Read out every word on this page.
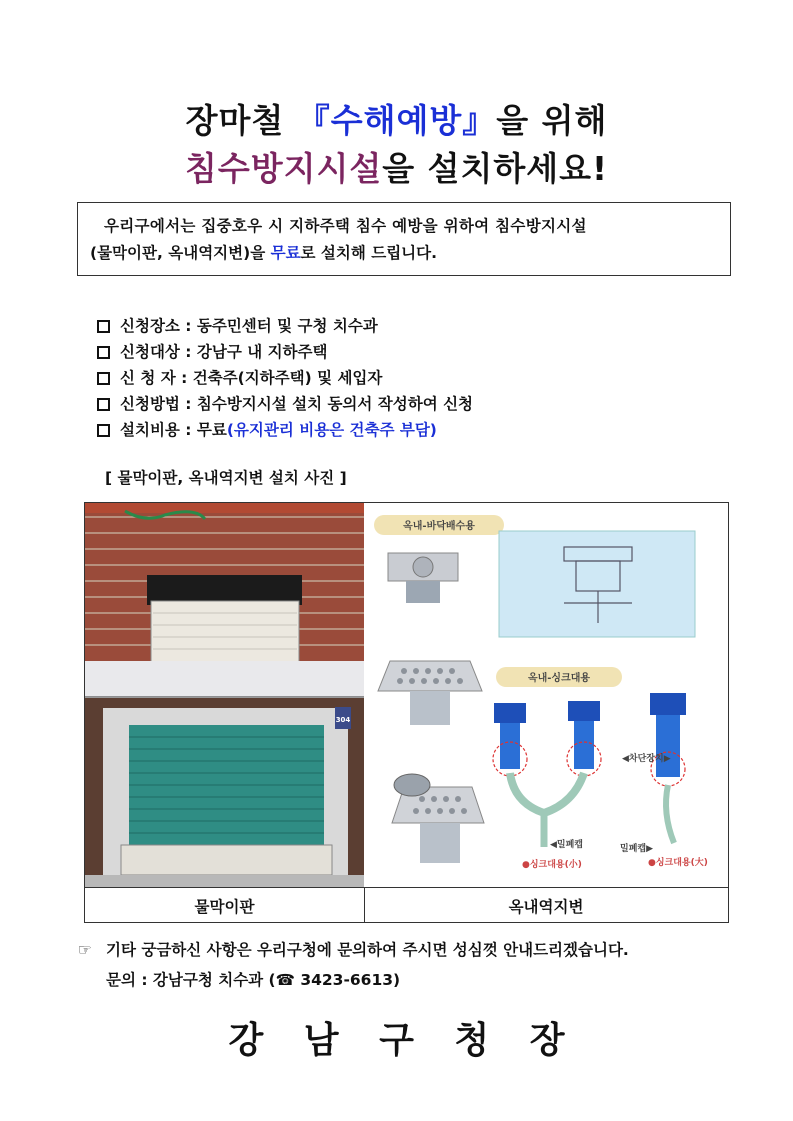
장마철 『수해예방』을 위해
침수방지시설을 설치하세요!
우리구에서는 집중호우 시 지하주택 침수 예방을 위하여 침수방지시설
(물막이판, 옥내역지변)을 무료로 설치해 드립니다.
신청장소 : 동주민센터 및 구청 치수과
신청대상 : 강남구 내 지하주택
신 청 자 : 건축주(지하주택) 및 세입자
신청방법 : 침수방지시설 설치 동의서 작성하여 신청
설치비용 : 무료 (유지관리 비용은 건축주 부담)
[ 물막이판, 옥내역지변 설치 사진 ]
304
옥내-바닥배수용
옥내-싱크대용
◀차단장치▶
◀밀폐캡	밀폐캡▶
●싱크대용(小)	●싱크대용(大)
물막이판	옥내역지변
☞ 기타 궁금하신 사항은 우리구청에 문의하여 주시면 성심껏 안내드리겠습니다.
문의 : 강남구청 치수과 (☎ 3423-6613)
강 남 구 청 장
